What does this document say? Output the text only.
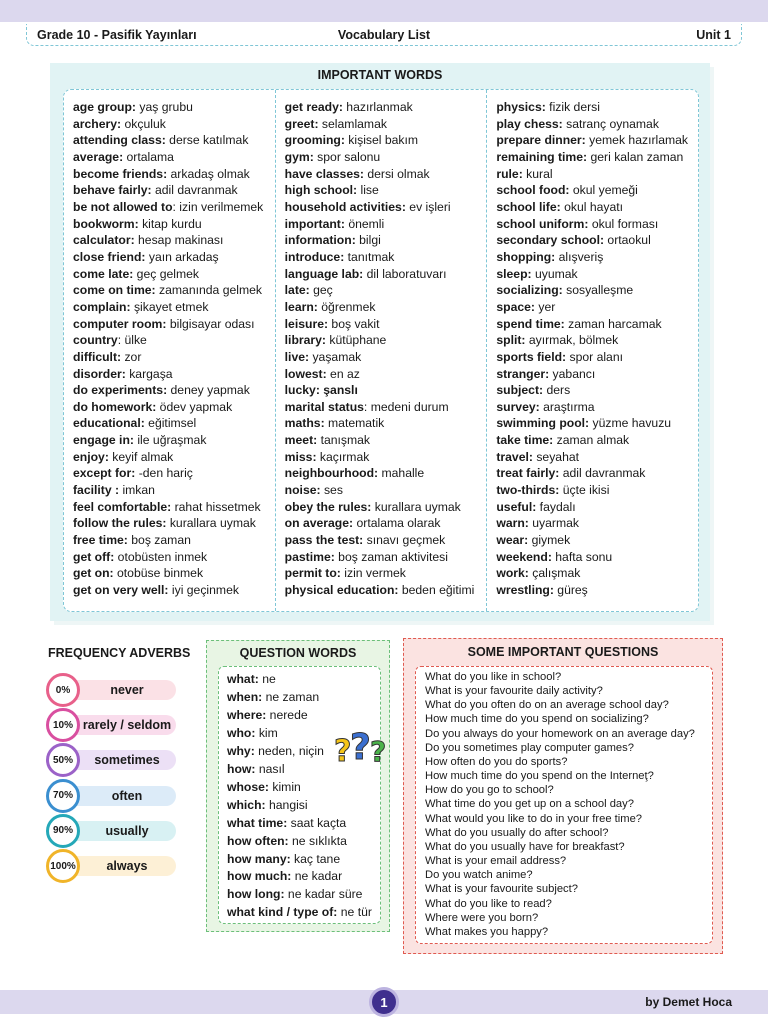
Grade 10 - Pasifik Yayınları	Vocabulary List	Unit 1
IMPORTANT WORDS
age group: yaş grubu
archery: okçuluk
attending class: derse katılmak
average: ortalama
become friends: arkadaş olmak
behave fairly: adil davranmak
be not allowed to: izin verilmemek
bookworm: kitap kurdu
calculator: hesap makinası
close friend: yaın arkadaş
come late: geç gelmek
come on time: zamanında gelmek
complain: şikayet etmek
computer room: bilgisayar odası
country: ülke
difficult: zor
disorder: kargaşa
do experiments: deney yapmak
do homework: ödev yapmak
educational: eğitimsel
engage in: ile uğraşmak
enjoy: keyif almak
except for: -den hariç
facility : imkan
feel comfortable: rahat hissetmek
follow the rules: kurallara uymak
free time: boş zaman
get off: otobüsten inmek
get on: otobüse binmek
get on very well: iyi geçinmek
get ready: hazırlanmak
greet: selamlamak
grooming: kişisel bakım
gym: spor salonu
have classes: dersi olmak
high school: lise
household activities: ev işleri
important: önemli
information: bilgi
introduce: tanıtmak
language lab: dil laboratuvarı
late: geç
learn: öğrenmek
leisure: boş vakit
library: kütüphane
live: yaşamak
lowest: en az
lucky: şanslı
marital status: medeni durum
maths: matematik
meet: tanışmak
miss: kaçırmak
neighbourhood: mahalle
noise: ses
obey the rules: kurallara uymak
on average: ortalama olarak
pass the test: sınavı geçmek
pastime: boş zaman aktivitesi
permit to: izin vermek
physical education: beden eğitimi
physics: fizik dersi
play chess: satranç oynamak
prepare dinner: yemek hazırlamak
remaining time: geri kalan zaman
rule: kural
school food: okul yemeği
school life: okul hayatı
school uniform: okul forması
secondary school: ortaokul
shopping: alışveriş
sleep: uyumak
socializing: sosyalleşme
space: yer
spend time: zaman harcamak
split: ayırmak, bölmek
sports field: spor alanı
stranger: yabancı
subject: ders
survey: araştırma
swimming pool: yüzme havuzu
take time: zaman almak
travel: seyahat
treat fairly: adil davranmak
two-thirds: üçte ikisi
useful: faydalı
warn: uyarmak
wear: giymek
weekend: hafta sonu
work: çalışmak
wrestling: güreş
FREQUENCY ADVERBS
never
0%
rarely / seldom
10%
sometimes
50%
often
70%
usually
90%
always
100%
QUESTION WORDS
?
? ?
what: ne
when: ne zaman
where: nerede
who: kim
why: neden, niçin
how: nasıl
whose: kimin
which: hangisi
what time: saat kaçta
how often: ne sıklıkta
how many: kaç tane
how much: ne kadar
how long: ne kadar süre
what kind / type of: ne tür
SOME IMPORTANT QUESTIONS
What do you like in school?
What is your favourite daily activity?
What do you often do on an average school day?
How much time do you spend on socializing?
Do you always do your homework on an average day?
Do you sometimes play computer games?
How often do you do sports?
How much time do you spend on the Interneţ?
How do you go to school?
What time do you get up on a school day?
What would you like to do in your free time?
What do you usually do after school?
What do you usually have for breakfast?
What is your email address?
Do you watch anime?
What is your favourite subject?
What do you like to read?
Where were you born?
What makes you happy?
1	by Demet Hoca
